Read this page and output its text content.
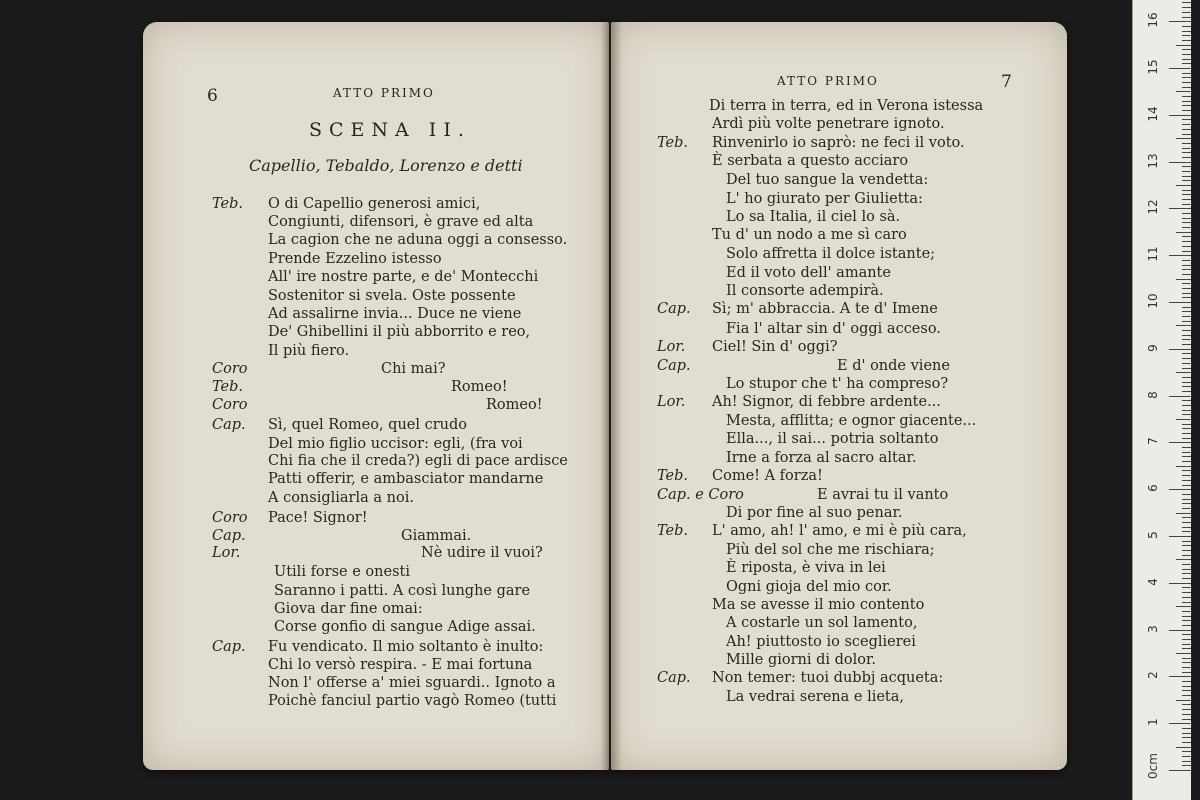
6	ATTO PRIMO
SCENA II.
Capellio, Tebaldo, Lorenzo e detti
ATTO PRIMO	7
Teb. O di Capellio generosi amici,
Congiunti, difensori, è grave ed alta
La cagion che ne aduna oggi a consesso.
Prende Ezzelino istesso
All' ire nostre parte, e de' Montecchi
Sostenitor si svela. Oste possente
Ad assalirne invia... Duce ne viene
De' Ghibellini il più abborrito e reo,
Il più fiero.
Coro	Chi mai?
Teb.	Romeo!
Coro	Romeo!
Cap. Sì, quel Romeo, quel crudo
Del mio figlio uccisor: egli, (fra voi
Chi fia che il creda?) egli di pace ardisce
Patti offerir, e ambasciator mandarne
A consigliarla a noi.
Coro Pace! Signor!
Cap.	Giammai.
Lor.	Nè udire il vuoi?
Utili forse e onesti
Saranno i patti. A così lunghe gare
Giova dar fine omai:
Corse gonfio di sangue Adige assai.
Cap. Fu vendicato. Il mio soltanto è inulto:
Chi lo versò respira. - E mai fortuna
Non l' offerse a' miei sguardi.. Ignoto a
Poichè fanciul partio vagò Romeo (tutti
Di terra in terra, ed in Verona istessa
Ardì più volte penetrare ignoto.
Teb. Rinvenirlo io saprò: ne feci il voto.
È serbata a questo acciaro
Del tuo sangue la vendetta:
L' ho giurato per Giulietta:
Lo sa Italia, il ciel lo sà.
Tu d' un nodo a me sì caro
Solo affretta il dolce istante;
Ed il voto dell' amante
Il consorte adempirà.
Cap. Sì; m' abbraccia. A te d' Imene
Fia l' altar sin d' oggi acceso.
Lor. Ciel! Sin d' oggi?
Cap.	E d' onde viene
Lo stupor che t' ha compreso?
Lor. Ah! Signor, di febbre ardente...
Mesta, afflitta; e ognor giacente...
Ella..., il sai... potria soltanto
Irne a forza al sacro altar.
Teb. Come! A forza!
Cap. e Coro	E avrai tu il vanto
Di por fine al suo penar.
Teb. L' amo, ah! l' amo, e mi è più cara,
Più del sol che me rischiara;
È riposta, è viva in lei
Ogni gioja del mio cor.
Ma se avesse il mio contento
A costarle un sol lamento,
Ah! piuttosto io sceglierei
Mille giorni di dolor.
Cap. Non temer: tuoi dubbj acqueta:
La vedrai serena e lieta,
0cm
1
2
3
4
5
6
7
8
9
10
11
12
13
14
15
16
